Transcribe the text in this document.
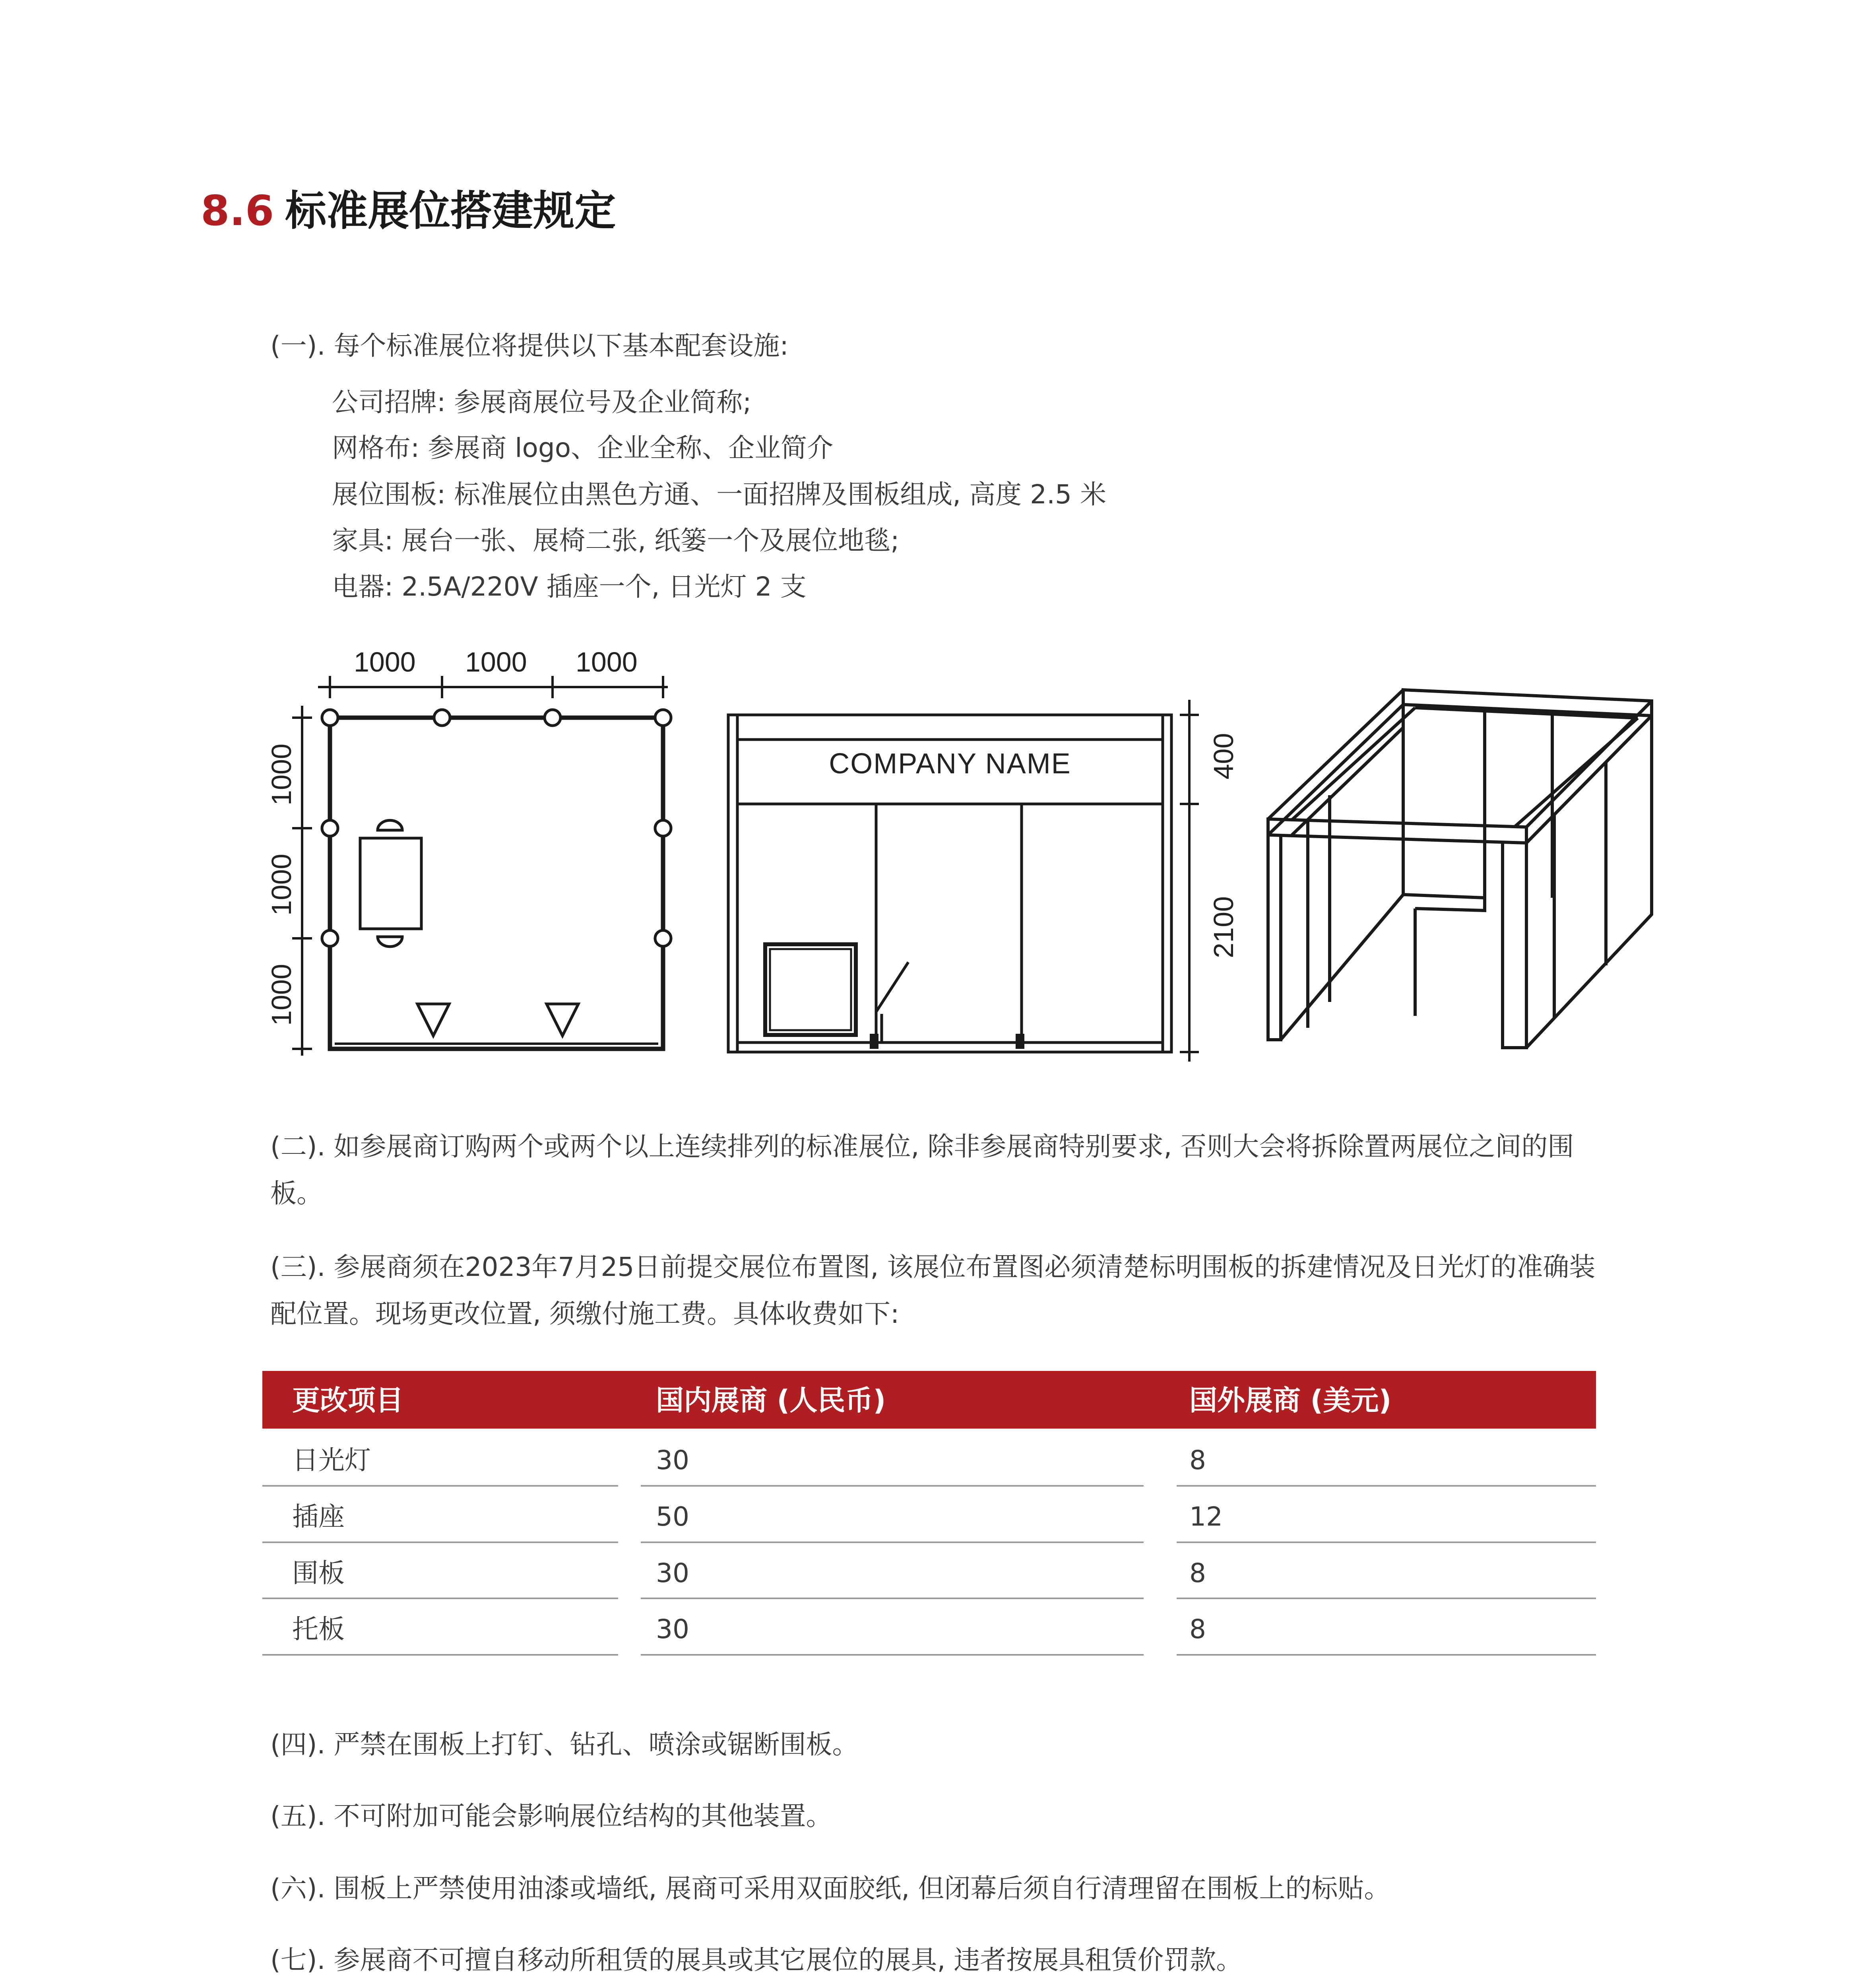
8.6 标准展位搭建规定
(一). 每个标准展位将提供以下基本配套设施:
公司招牌: 参展商展位号及企业简称;
网格布: 参展商 logo、企业全称、企业简介
展位围板: 标准展位由黑色方通、一面招牌及围板组成, 高度 2.5 米
家具: 展台一张、展椅二张, 纸篓一个及展位地毯;
电器: 2.5A/220V 插座一个, 日光灯 2 支
1000 1000 1000
1000
1000
1000
COMPANY NAME	400
2100
(二). 如参展商订购两个或两个以上连续排列的标准展位, 除非参展商特别要求, 否则大会将拆除置两展位之间的围板。
(三). 参展商须在2023年7月25日前提交展位布置图, 该展位布置图必须清楚标明围板的拆建情况及日光灯的准确装配位置。现场更改位置, 须缴付施工费。具体收费如下:
更改项目	国内展商 (人民币)	国外展商 (美元)
日光灯	30	8
插座	50	12
围板	30	8
托板	30	8
(四). 严禁在围板上打钉、钻孔、喷涂或锯断围板。
(五). 不可附加可能会影响展位结构的其他装置。
(六). 围板上严禁使用油漆或墙纸, 展商可采用双面胶纸, 但闭幕后须自行清理留在围板上的标贴。
(七). 参展商不可擅自移动所租赁的展具或其它展位的展具, 违者按展具租赁价罚款。
